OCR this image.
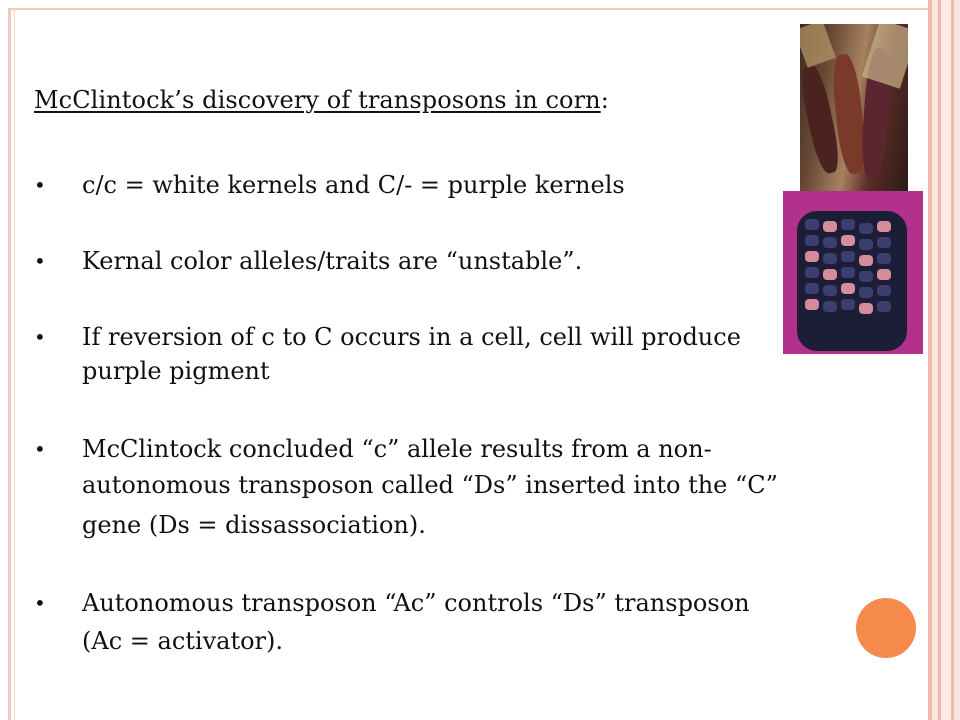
McClintock’s discovery of transposons in corn:
•	c/c = white kernels and C/- = purple kernels
•	Kernal color alleles/traits are “unstable”.
•	If reversion of c to C occurs in a cell, cell will produce
purple pigment
•	McClintock concluded “c” allele results from a non-
autonomous transposon called “Ds” inserted into the “C”
gene (Ds = dissassociation).
•	Autonomous transposon “Ac” controls “Ds” transposon
(Ac = activator).
